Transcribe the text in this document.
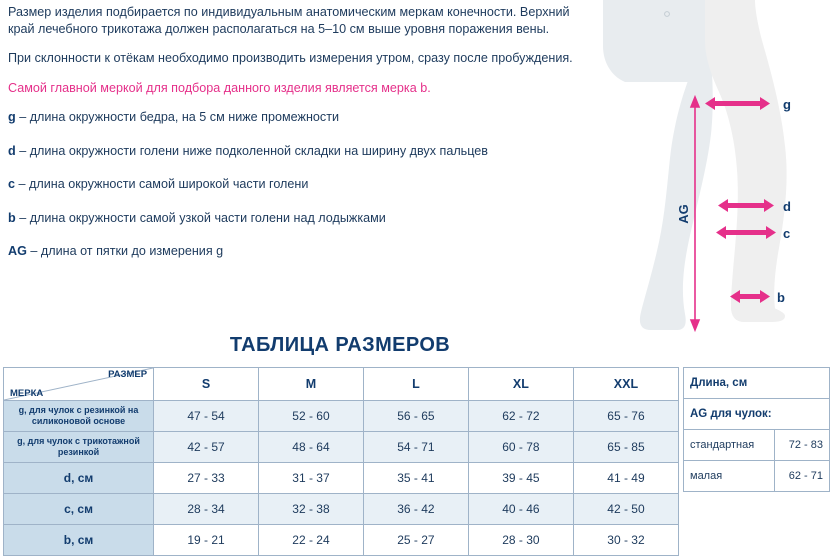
Размер изделия подбирается по индивидуальным анатомическим меркам конечности. Верхний край лечебного трикотажа должен располагаться на 5–10 см выше уровня поражения вены.

При склонности к отёкам необходимо производить измерения утром, сразу после пробуждения.

Самой главной меркой для подбора данного изделия является мерка b.

g – длина окружности бедра, на 5 см ниже промежности

d – длина окружности голени ниже подколенной складки на ширину двух пальцев

c – длина окружности самой широкой части голени

b – длина окружности самой узкой части голени над лодыжками

AG – длина от пятки до измерения g

AG
g
d
c
b
ТАБЛИЦА РАЗМЕРОВ
РАЗМЕР
МЕРКА	S	M	L	XL	XXL
g, для чулок с резинкой на силиконовой основе	47 - 54	52 - 60	56 - 65	62 - 72	65 - 76
g, для чулок с трикотажной резинкой	42 - 57	48 - 64	54 - 71	60 - 78	65 - 85
d, см	27 - 33	31 - 37	35 - 41	39 - 45	41 - 49
c, см	28 - 34	32 - 38	36 - 42	40 - 46	42 - 50
b, см	19 - 21	22 - 24	25 - 27	28 - 30	30 - 32
Длина, см	
AG для чулок:	
стандартная	72 - 83
малая	62 - 71
